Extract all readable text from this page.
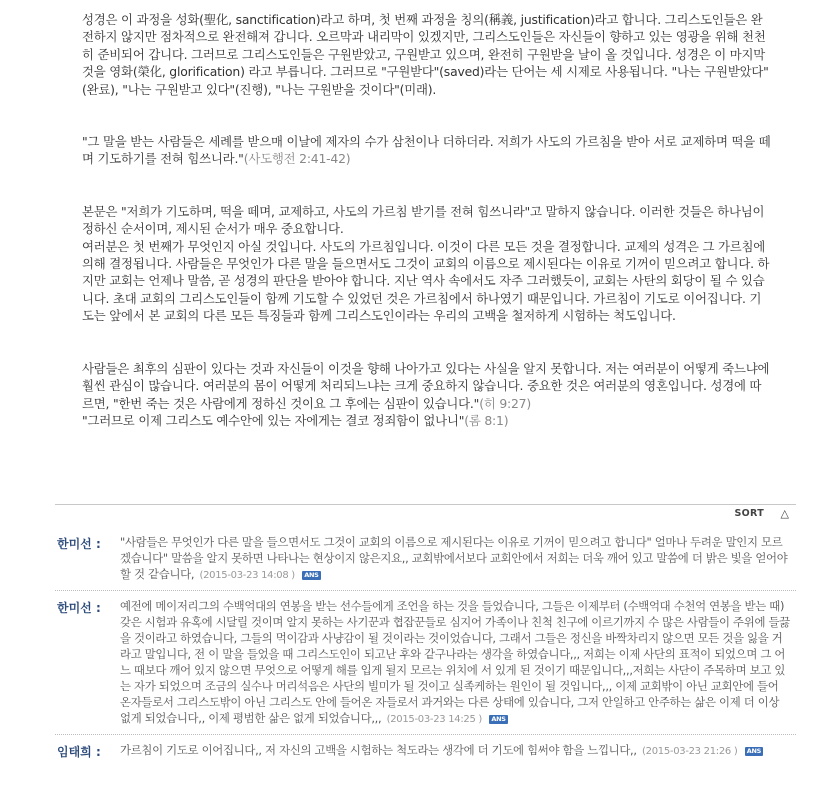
성경은 이 과정을 성화(聖化, sanctification)라고 하며, 첫 번째 과정을 칭의(稱義, justification)라고 합니다. 그리스도인들은 완전하지 않지만 점차적으로 완전해져 갑니다. 오르막과 내리막이 있겠지만, 그리스도인들은 자신들이 향하고 있는 영광을 위해 천천히 준비되어 갑니다. 그러므로 그리스도인들은 구원받았고, 구원받고 있으며, 완전히 구원받을 날이 올 것입니다. 성경은 이 마지막 것을 영화(榮化, glorification) 라고 부릅니다. 그러므로 "구원받다"(saved)라는 단어는 세 시제로 사용됩니다. "나는 구원받았다"(완료), "나는 구원받고 있다"(진행), "나는 구원받을 것이다"(미래).

"그 말을 받는 사람들은 세례를 받으매 이날에 제자의 수가 삼천이나 더하더라. 저희가 사도의 가르침을 받아 서로 교제하며 떡을 떼며 기도하기를 전혀 힘쓰니라."(사도행전 2:41-42)

본문은 "저희가 기도하며, 떡을 떼며, 교제하고, 사도의 가르침 받기를 전혀 힘쓰니라"고 말하지 않습니다. 이러한 것들은 하나님이 정하신 순서이며, 제시된 순서가 매우 중요합니다.

여러분은 첫 번째가 무엇인지 아실 것입니다. 사도의 가르침입니다. 이것이 다른 모든 것을 결정합니다. 교제의 성격은 그 가르침에 의해 결정됩니다. 사람들은 무엇인가 다른 말을 들으면서도 그것이 교회의 이름으로 제시된다는 이유로 기꺼이 믿으려고 합니다. 하지만 교회는 언제나 말씀, 곧 성경의 판단을 받아야 합니다. 지난 역사 속에서도 자주 그러했듯이, 교회는 사탄의 회당이 될 수 있습니다. 초대 교회의 그리스도인들이 함께 기도할 수 있었던 것은 가르침에서 하나였기 때문입니다. 가르침이 기도로 이어집니다. 기도는 앞에서 본 교회의 다른 모든 특징들과 함께 그리스도인이라는 우리의 고백을 철저하게 시험하는 척도입니다.

사람들은 최후의 심판이 있다는 것과 자신들이 이것을 향해 나아가고 있다는 사실을 알지 못합니다. 저는 여러분이 어떻게 죽느냐에 훨씬 관심이 많습니다. 여러분의 몸이 어떻게 처리되느냐는 크게 중요하지 않습니다. 중요한 것은 여러분의 영혼입니다. 성경에 따르면, "한번 죽는 것은 사람에게 정하신 것이요 그 후에는 심판이 있습니다."(히 9:27)

"그러므로 이제 그리스도 예수안에 있는 자에게는 결코 정죄함이 없나니"(롬 8:1)

SORT △
한미선 : "사람들은 무엇인가 다른 말을 들으면서도 그것이 교회의 이름으로 제시된다는 이유로 기꺼이 믿으려고 합니다" 얼마나 두려운 말인지 모르겠습니다" 말씀을 알지 못하면 나타나는 현상이지 않은지요,, 교회밖에서보다 교회안에서 저희는 더욱 깨어 있고 말씀에 더 밝은 빛을 얻어야할 것 같습니다, (2015-03-23 14:08 ) ANS
한미선 : 예전에 메이저리그의 수백억대의 연봉을 받는 선수들에게 조언을 하는 것을 들었습니다, 그들은 이제부터 (수백억대 수천억 연봉을 받는 때) 갖은 시험과 유혹에 시달릴 것이며 알지 못하는 사기꾼과 협잡꾼들로 심지어 가족이나 친척 친구에 이르기까지 수 많은 사람들이 주위에 들끓을 것이라고 하였습니다, 그들의 먹이감과 사냥감이 될 것이라는 것이었습니다, 그래서 그들은 정신을 바짝차리지 않으면 모든 것을 잃을 거라고 말입니다, 전 이 말을 들었을 때 그리스도인이 되고난 후와 같구나라는 생각을 하였습니다,,, 저희는 이제 사단의 표적이 되었으며 그 어느 때보다 깨어 있지 않으면 무엇으로 어떻게 해를 입게 될지 모르는 위치에 서 있게 된 것이기 때문입니다,,,저희는 사단이 주목하며 보고 있는 자가 되었으며 조금의 실수나 머리석음은 사단의 빌미가 될 것이고 실족케하는 원인이 될 것입니다,,, 이제 교회밖이 아닌 교회안에 들어 온자들로서 그리스도밖이 아닌 그리스도 안에 들어온 자들로서 과거와는 다른 상태에 있습니다, 그저 안일하고 안주하는 삶은 이제 더 이상 없게 되었습니다,, 이제 평범한 삶은 없게 되었습니다,,, (2015-03-23 14:25 ) ANS
임태희 : 가르침이 기도로 이어집니다,, 저 자신의 고백을 시험하는 척도라는 생각에 더 기도에 힘써야 함을 느낍니다,, (2015-03-23 21:26 ) ANS
